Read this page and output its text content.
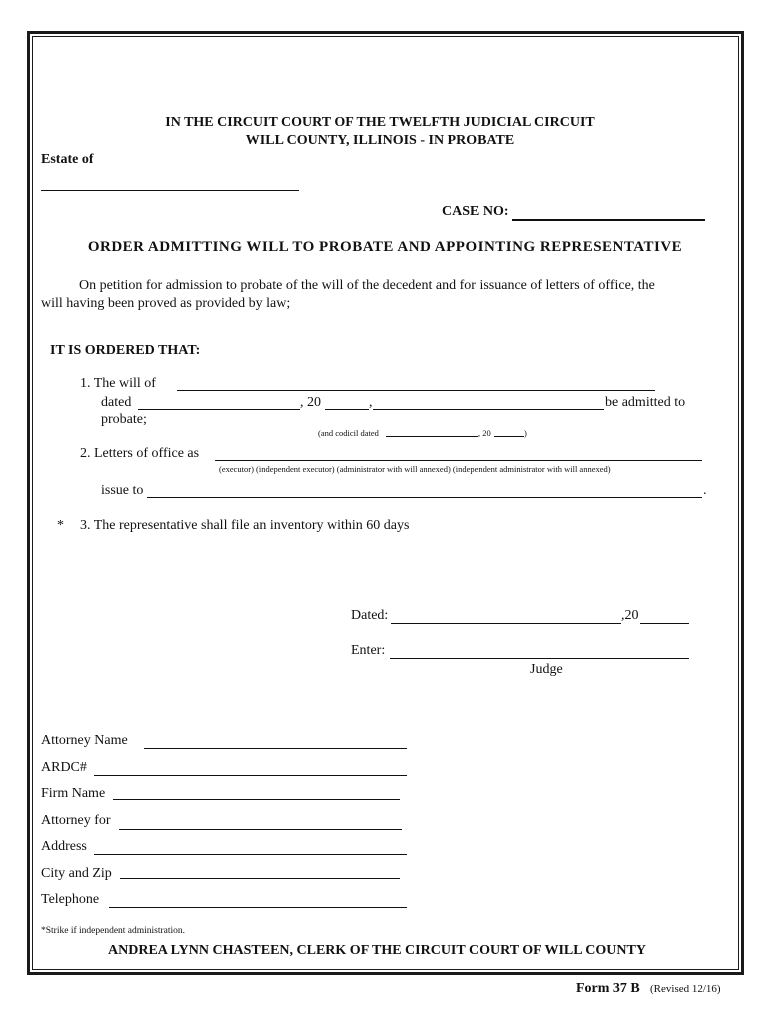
IN THE CIRCUIT COURT OF THE TWELFTH JUDICIAL CIRCUIT
WILL COUNTY, ILLINOIS - IN PROBATE
Estate of
CASE NO:
ORDER ADMITTING WILL TO PROBATE AND APPOINTING REPRESENTATIVE
On petition for admission to probate of the will of the decedent and for issuance of letters of office, the
will having been proved as provided by law;
IT IS ORDERED THAT:
1. The will of
dated	, 20	,	be admitted to
probate;
(and codicil dated	, 20	)
2. Letters of office as
(executor) (independent executor) (administrator with will annexed) (independent administrator with will annexed)
issue to	.
* 3. The representative shall file an inventory within 60 days
Dated:	,20
Enter:
Judge
Attorney Name
ARDC#
Firm Name
Attorney for
Address
City and Zip
Telephone
*Strike if independent administration.
ANDREA LYNN CHASTEEN, CLERK OF THE CIRCUIT COURT OF WILL COUNTY
Form 37 B (Revised 12/16)
